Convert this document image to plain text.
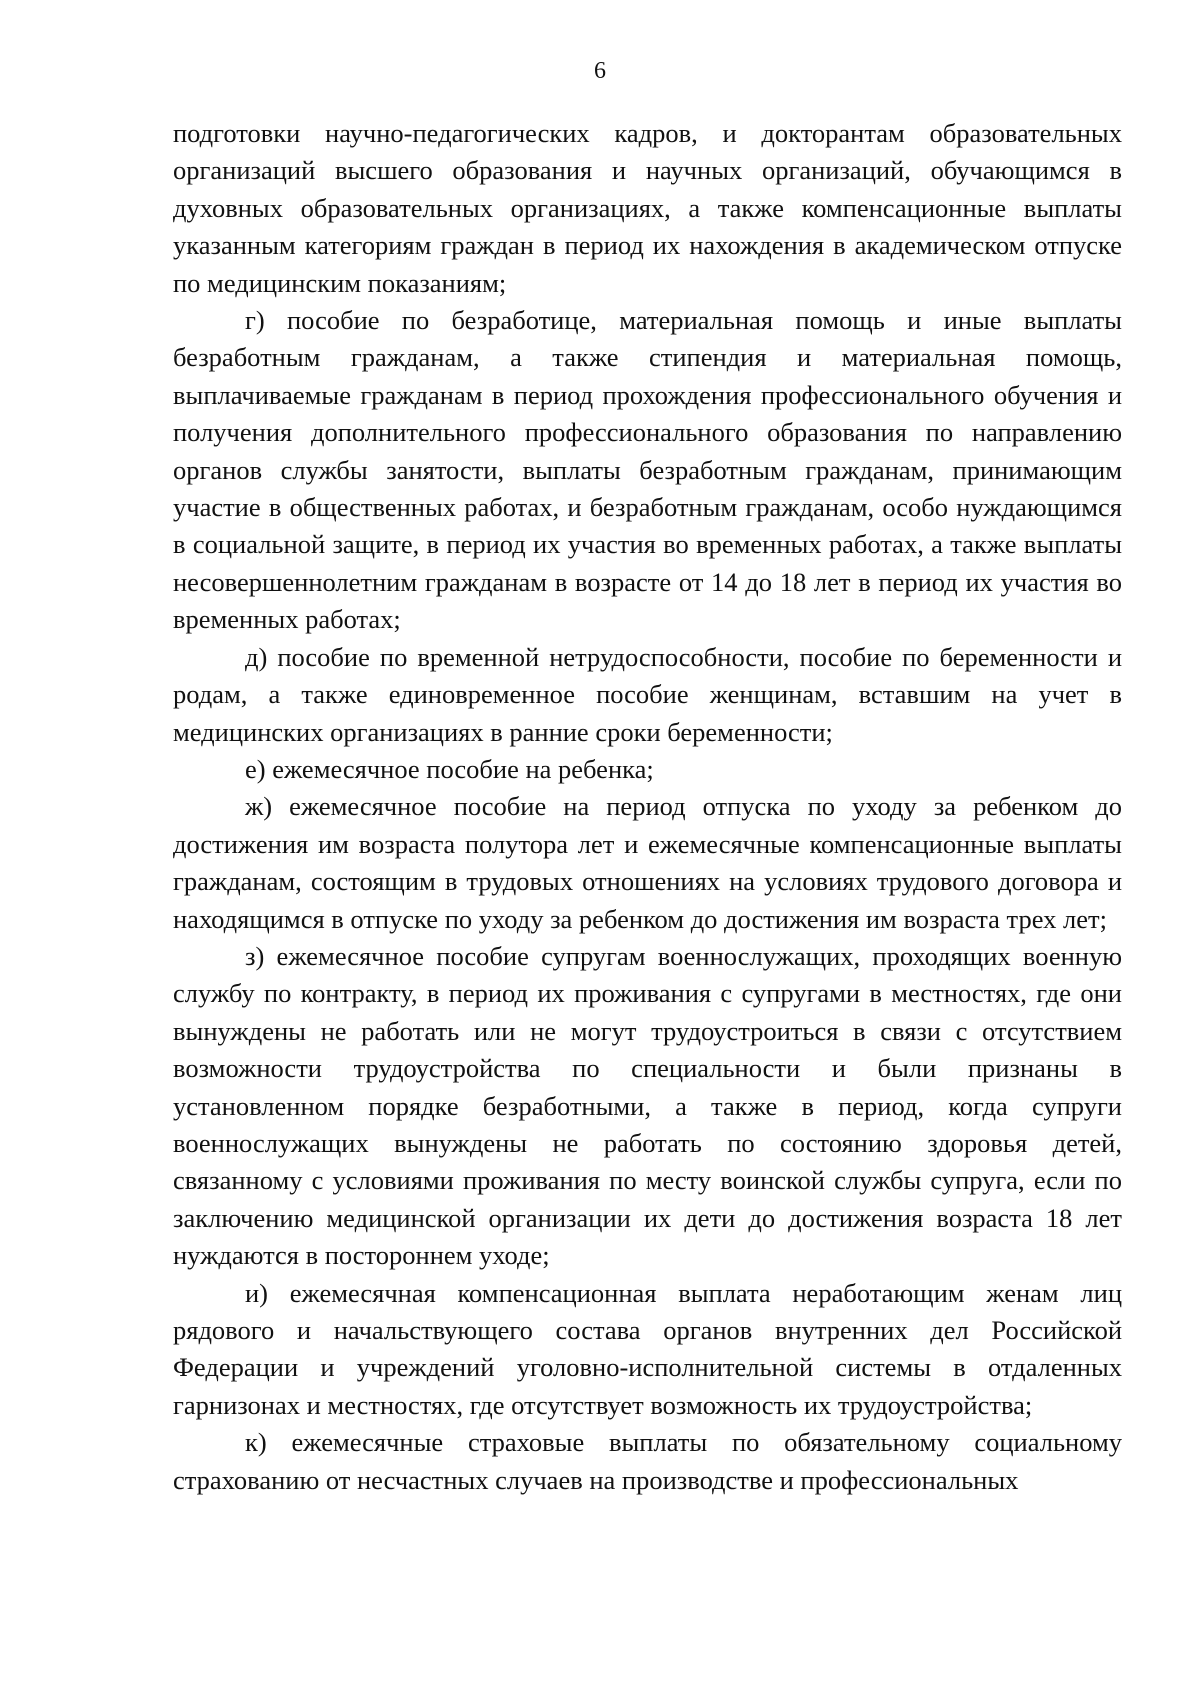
6

подготовки научно-педагогических кадров, и докторантам образовательных организаций высшего образования и научных организаций, обучающимся в духовных образовательных организациях, а также компенсационные выплаты указанным категориям граждан в период их нахождения в академическом отпуске по медицинским показаниям;

г) пособие по безработице, материальная помощь и иные выплаты безработным гражданам, а также стипендия и материальная помощь, выплачиваемые гражданам в период прохождения профессионального обучения и получения дополнительного профессионального образования по направлению органов службы занятости, выплаты безработным гражданам, принимающим участие в общественных работах, и безработным гражданам, особо нуждающимся в социальной защите, в период их участия во временных работах, а также выплаты несовершеннолетним гражданам в возрасте от 14 до 18 лет в период их участия во временных работах;

д) пособие по временной нетрудоспособности, пособие по беременности и родам, а также единовременное пособие женщинам, вставшим на учет в медицинских организациях в ранние сроки беременности;

е) ежемесячное пособие на ребенка;

ж) ежемесячное пособие на период отпуска по уходу за ребенком до достижения им возраста полутора лет и ежемесячные компенсационные выплаты гражданам, состоящим в трудовых отношениях на условиях трудового договора и находящимся в отпуске по уходу за ребенком до достижения им возраста трех лет;

з) ежемесячное пособие супругам военнослужащих, проходящих военную службу по контракту, в период их проживания с супругами в местностях, где они вынуждены не работать или не могут трудоустроиться в связи с отсутствием возможности трудоустройства по специальности и были признаны в установленном порядке безработными, а также в период, когда супруги военнослужащих вынуждены не работать по состоянию здоровья детей, связанному с условиями проживания по месту воинской службы супруга, если по заключению медицинской организации их дети до достижения возраста 18 лет нуждаются в постороннем уходе;

и) ежемесячная компенсационная выплата неработающим женам лиц рядового и начальствующего состава органов внутренних дел Российской Федерации и учреждений уголовно-исполнительной системы в отдаленных гарнизонах и местностях, где отсутствует возможность их трудоустройства;

к) ежемесячные страховые выплаты по обязательному социальному страхованию от несчастных случаев на производстве и профессиональных
